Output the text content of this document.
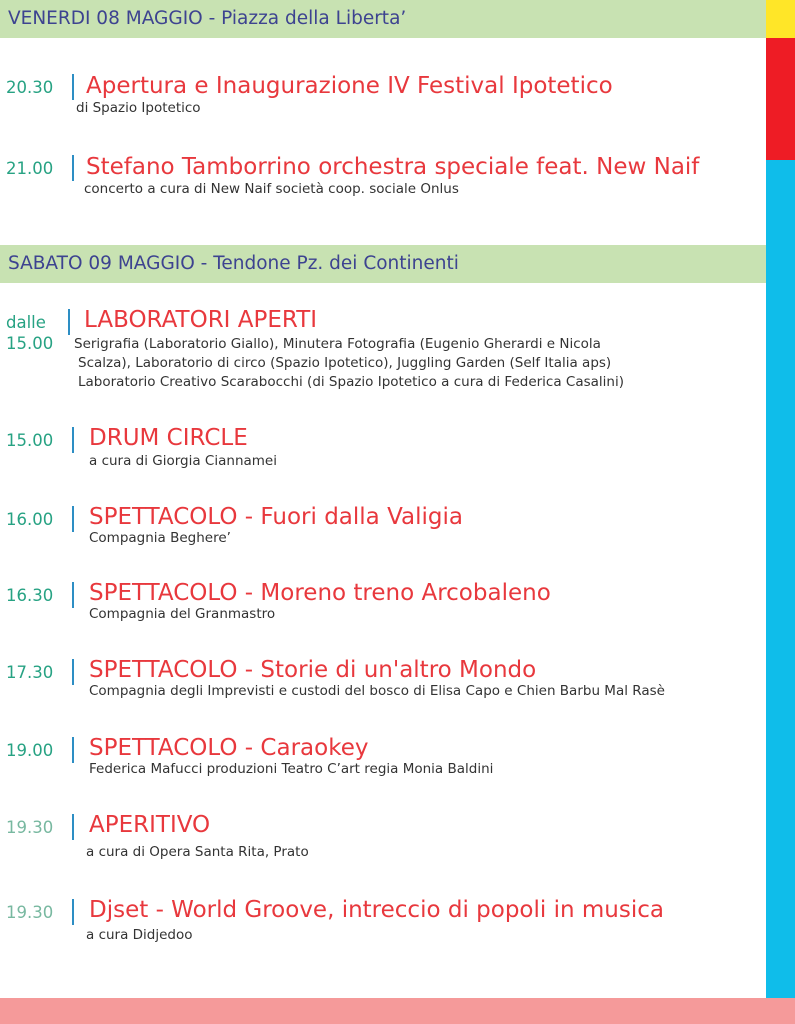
VENERDI 08 MAGGIO - Piazza della Liberta’
20.30 Apertura e Inaugurazione IV Festival Ipotetico
di Spazio Ipotetico
21.00 Stefano Tamborrino orchestra speciale feat. New Naif
concerto a cura di New Naif società coop. sociale Onlus
SABATO 09 MAGGIO - Tendone Pz. dei Continenti
dalle LABORATORI APERTI
15.00 Serigrafia (Laboratorio Giallo), Minutera Fotografia (Eugenio Gherardi e Nicola
Scalza), Laboratorio di circo (Spazio Ipotetico), Juggling Garden (Self Italia aps)
Laboratorio Creativo Scarabocchi (di Spazio Ipotetico a cura di Federica Casalini)
15.00 DRUM CIRCLE
a cura di Giorgia Ciannamei
16.00 SPETTACOLO - Fuori dalla Valigia
Compagnia Beghere’
16.30 SPETTACOLO - Moreno treno Arcobaleno
Compagnia del Granmastro
17.30 SPETTACOLO - Storie di un'altro Mondo
Compagnia degli Imprevisti e custodi del bosco di Elisa Capo e Chien Barbu Mal Rasè
19.00 SPETTACOLO - Caraokey
Federica Mafucci produzioni Teatro C’art regia Monia Baldini
19.30 APERITIVO
a cura di Opera Santa Rita, Prato
19.30 Djset - World Groove, intreccio di popoli in musica
a cura Didjedoo
